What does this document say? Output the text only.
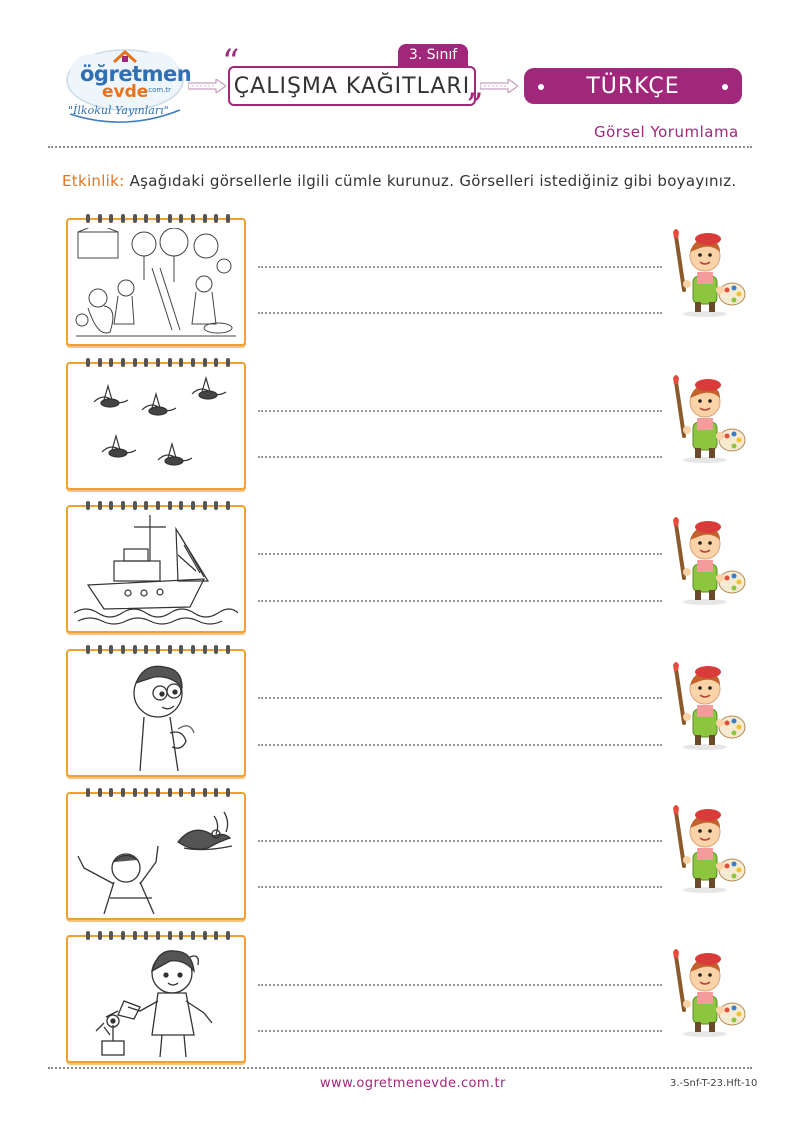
öğretmen
evde
.com.tr
"İlkokul Yayınları"
3. Sınıf
ÇALIŞMA KAĞITLARI
“
”	TÜRKÇE
Görsel Yorumlama
Etkinlik: Aşağıdaki görsellerle ilgili cümle kurunuz. Görselleri istediğiniz gibi boyayınız.
www.ogretmenevde.com.tr	3.-Snf-T-23.Hft-10
